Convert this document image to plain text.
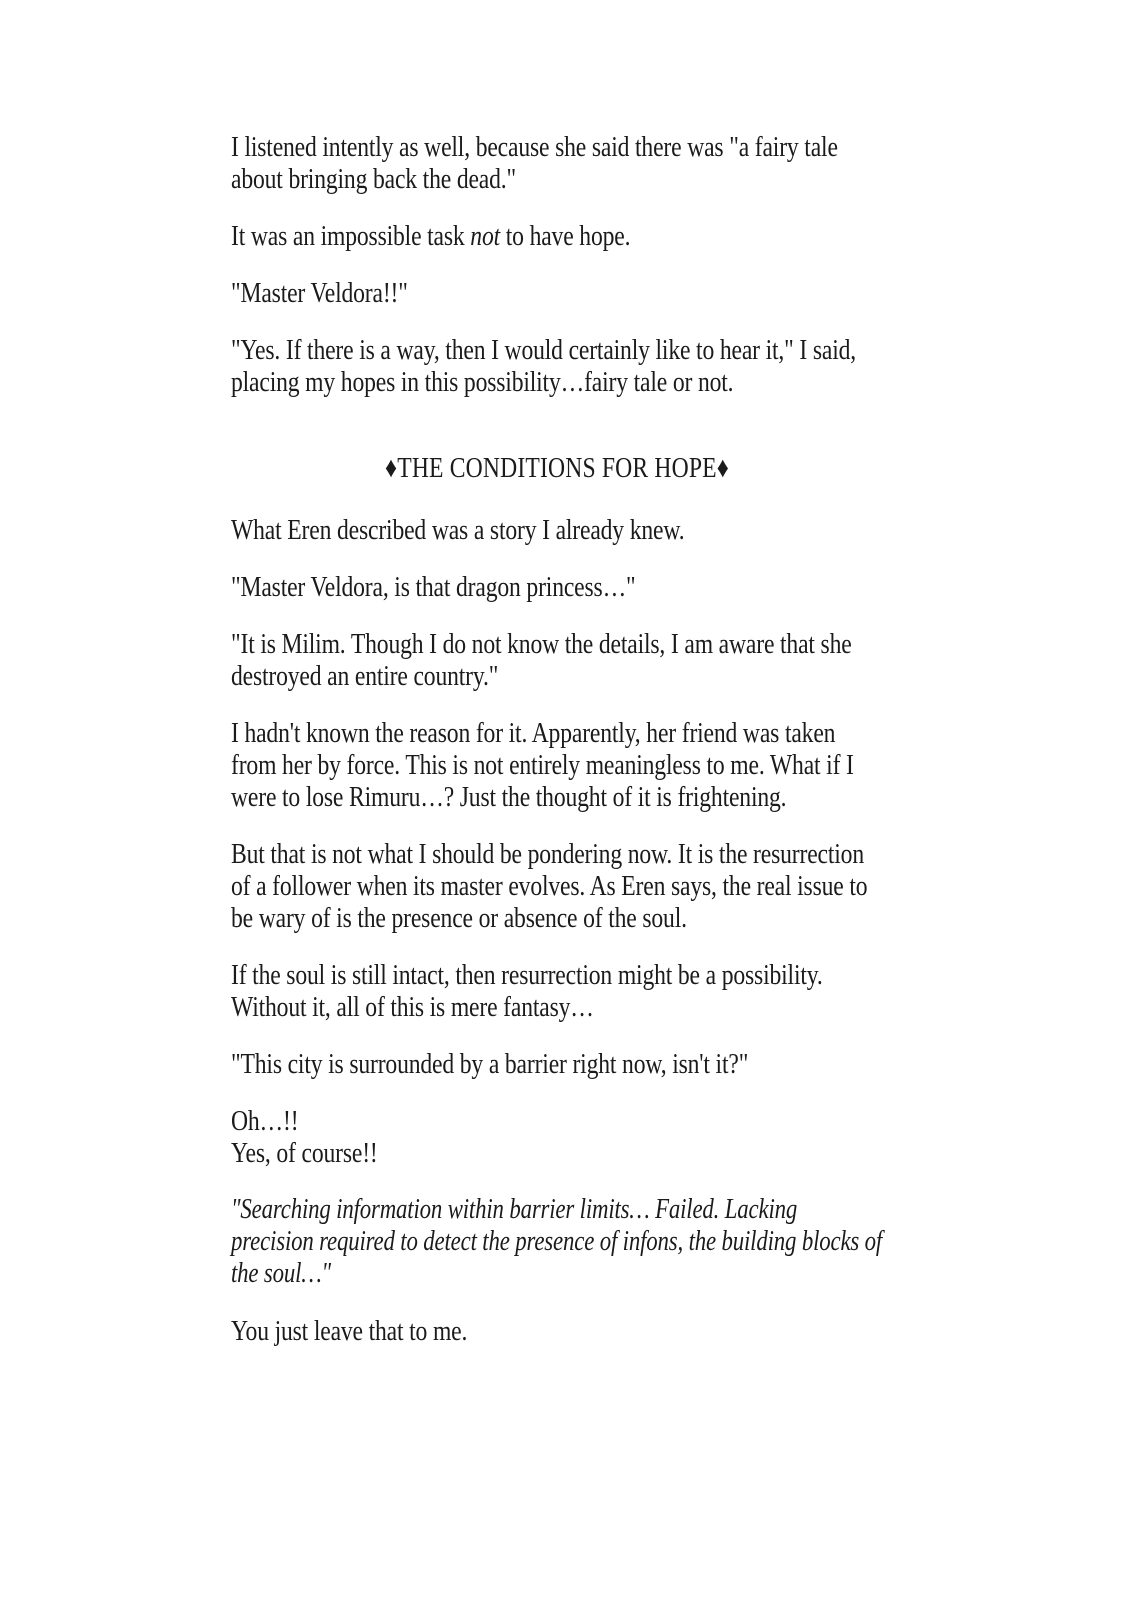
I listened intently as well, because she said there was "a fairy tale about bringing back the dead."

It was an impossible task not to have hope.

"Master Veldora!!"

"Yes. If there is a way, then I would certainly like to hear it," I said, placing my hopes in this possibility…fairy tale or not.

♦THE CONDITIONS FOR HOPE♦

What Eren described was a story I already knew.

"Master Veldora, is that dragon princess…"

"It is Milim. Though I do not know the details, I am aware that she destroyed an entire country."

I hadn't known the reason for it. Apparently, her friend was taken from her by force. This is not entirely meaningless to me. What if I were to lose Rimuru…? Just the thought of it is frightening.

But that is not what I should be pondering now. It is the resurrection of a follower when its master evolves. As Eren says, the real issue to be wary of is the presence or absence of the soul.

If the soul is still intact, then resurrection might be a possibility. Without it, all of this is mere fantasy…

"This city is surrounded by a barrier right now, isn't it?"

Oh…!!
Yes, of course!!

"Searching information within barrier limits… Failed. Lacking precision required to detect the presence of infons, the building blocks of the soul…"

You just leave that to me.
